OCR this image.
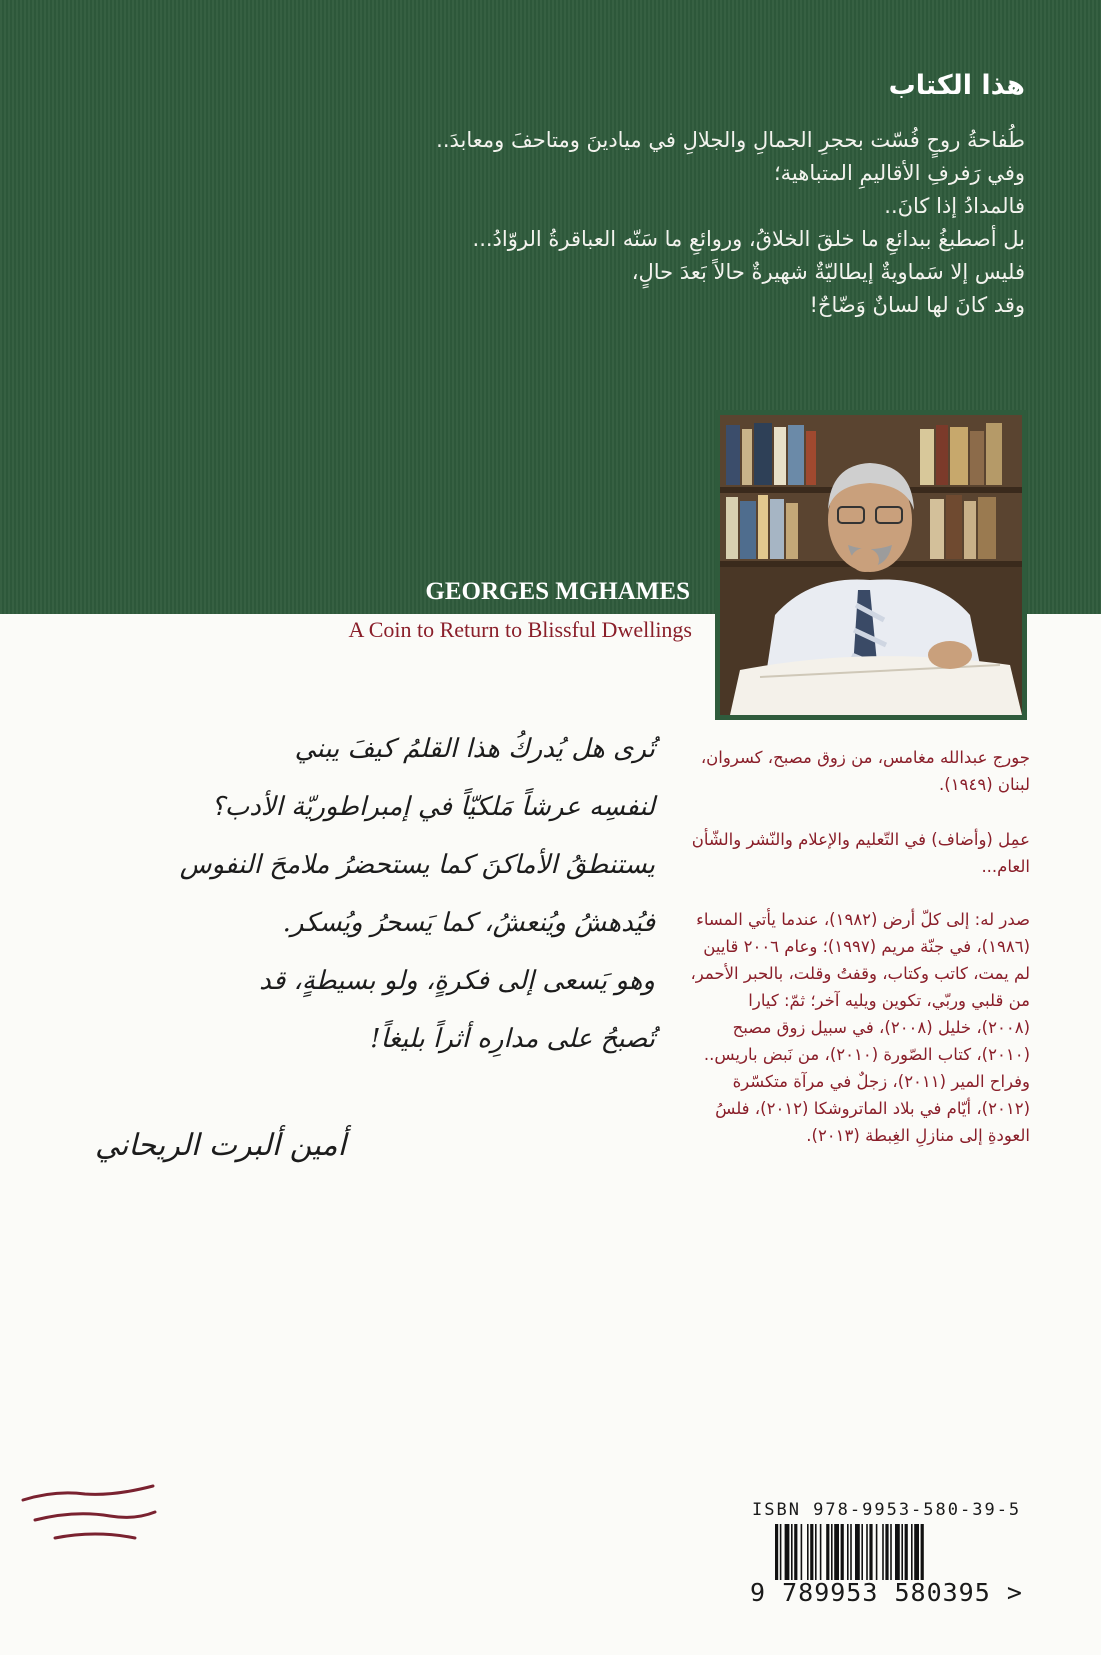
هذا الكتاب
طُفاحةُ روحٍ فُسّت بحجرِ الجمالِ والجلالِ في ميادينَ ومتاحفَ ومعابدَ..
وفي رَفرفِ الأقاليمِ المتباهية؛
فالمدادُ إذا كانَ..
بل أصطبغُ ببدائعِ ما خلقَ الخلاقُ، وروائعِ ما سَنّه العباقرةُ الروّادُ...
فليس إلا سَماويةٌ إيطاليّةٌ شهيرةٌ حالاً بَعدَ حالٍ،
وقد كانَ لها لسانٌ وَضّاحٌ!

GEORGES MGHAMES

A Coin to Return to Blissful Dwellings

جورج عبدالله مغامس، من زوق مصبح، كسروان، لبنان (١٩٤٩).

عمِل (وأضاف) في التّعليم والإعلام والنّشر والشّأن العام...

صدر له: إلى كلّ أرض (١٩٨٢)، عندما يأتي المساء (١٩٨٦)، في جنّة مريم (١٩٩٧)؛ وعام ٢٠٠٦ قايين لم يمت، كاتب وكتاب، وقفتُ وقلت، بالحبر الأحمر، من قلبي وربّي، تكوين ويليه آخر؛ ثمّ: كيارا (٢٠٠٨)، خليل (٢٠٠٨)، في سبيل زوق مصبح (٢٠١٠)، كتاب الصّورة (٢٠١٠)، من نَبض باريس.. وفراح المير (٢٠١١)، زجلٌ في مرآة متكسّرة (٢٠١٢)، أيّام في بلاد الماتروشكا (٢٠١٢)، فلسُ العودةِ إلى منازلِ الغِبطة (٢٠١٣).

تُرى هل يُدركُ هذا القلمُ كيفَ يبني
لنفسِه عرشاً مَلكيّاً في إمبراطوريّة الأدب؟
يستنطقُ الأماكنَ كما يستحضرُ ملامحَ النفوس
فيُدهشُ ويُنعشُ، كما يَسحرُ ويُسكر.
وهو يَسعى إلى فكرةٍ، ولو بسيطةٍ، قد
تُصبحُ على مدارِه أثراً بليغاً!

أمين ألبرت الريحاني

ISBN 978-9953-580-39-5

9 789953 580395 >
